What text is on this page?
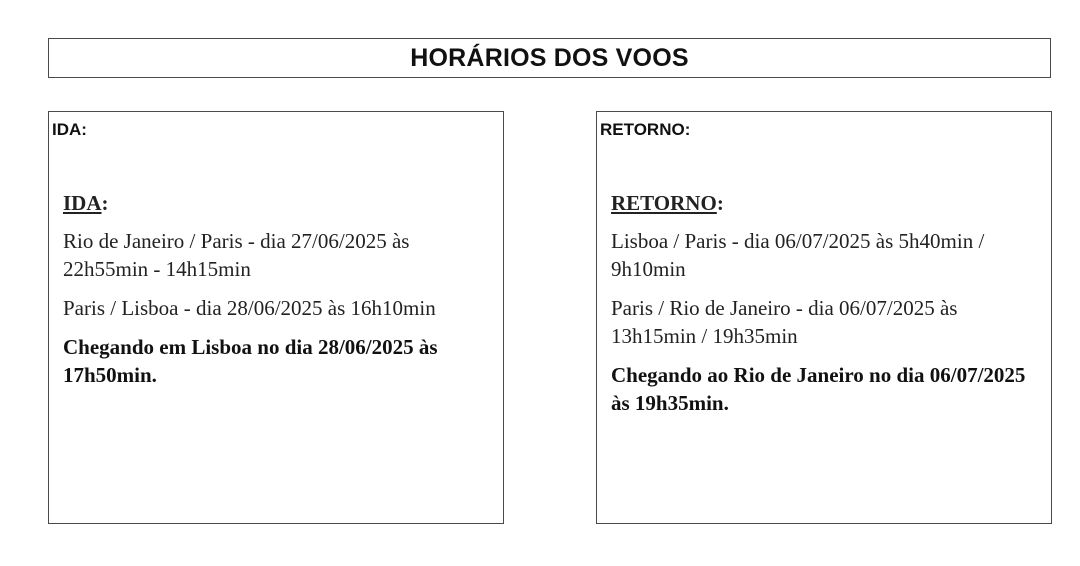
HORÁRIOS DOS VOOS
IDA:

IDA:

Rio de Janeiro / Paris - dia 27/06/2025 às 22h55min - 14h15min

Paris / Lisboa - dia 28/06/2025 às 16h10min

Chegando em Lisboa no dia 28/06/2025 às 17h50min.

RETORNO:

RETORNO:

Lisboa / Paris - dia 06/07/2025 às 5h40min / 9h10min

Paris / Rio de Janeiro - dia 06/07/2025 às 13h15min / 19h35min

Chegando ao Rio de Janeiro no dia 06/07/2025 às 19h35min.
